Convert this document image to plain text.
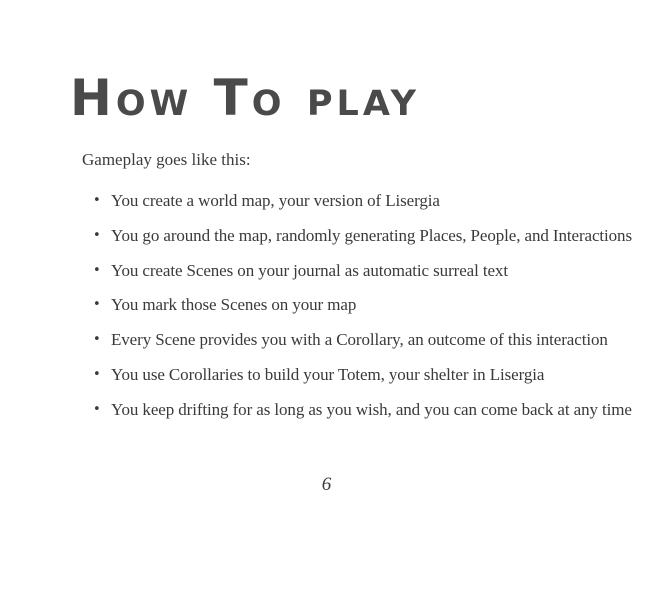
How To play

Gameplay goes like this:

• You create a world map, your version of Lisergia
• You go around the map, randomly generating Places, People, and Interactions
• You create Scenes on your journal as automatic surreal text
• You mark those Scenes on your map
• Every Scene provides you with a Corollary, an outcome of this interaction
• You use Corollaries to build your Totem, your shelter in Lisergia
• You keep drifting for as long as you wish, and you can come back at any time
6
